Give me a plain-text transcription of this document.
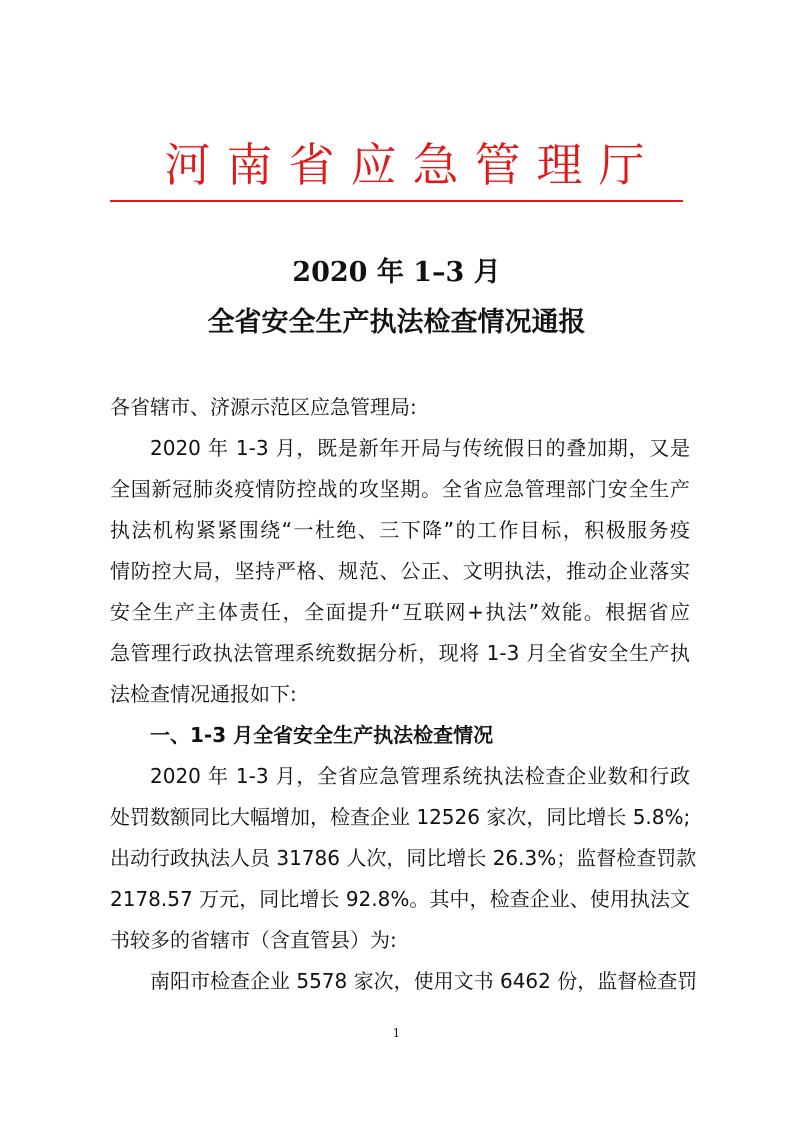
河南省应急管理厅
2020 年 1–3 月
全省安全生产执法检查情况通报
各省辖市、济源示范区应急管理局:
2020 年 1-3 月，既是新年开局与传统假日的叠加期，又是
全国新冠肺炎疫情防控战的攻坚期。全省应急管理部门安全生产
执法机构紧紧围绕“一杜绝、三下降”的工作目标，积极服务疫
情防控大局，坚持严格、规范、公正、文明执法，推动企业落实
安全生产主体责任，全面提升“互联网+执法”效能。根据省应
急管理行政执法管理系统数据分析，现将 1-3 月全省安全生产执
法检查情况通报如下:
一、1-3 月全省安全生产执法检查情况
2020 年 1-3 月，全省应急管理系统执法检查企业数和行政
处罚数额同比大幅增加，检查企业 12526 家次，同比增长 5.8%;
出动行政执法人员 31786 人次，同比增长 26.3%；监督检查罚款
2178.57 万元，同比增长 92.8%。其中，检查企业、使用执法文
书较多的省辖市（含直管县）为:
南阳市检查企业 5578 家次，使用文书 6462 份，监督检查罚
1
